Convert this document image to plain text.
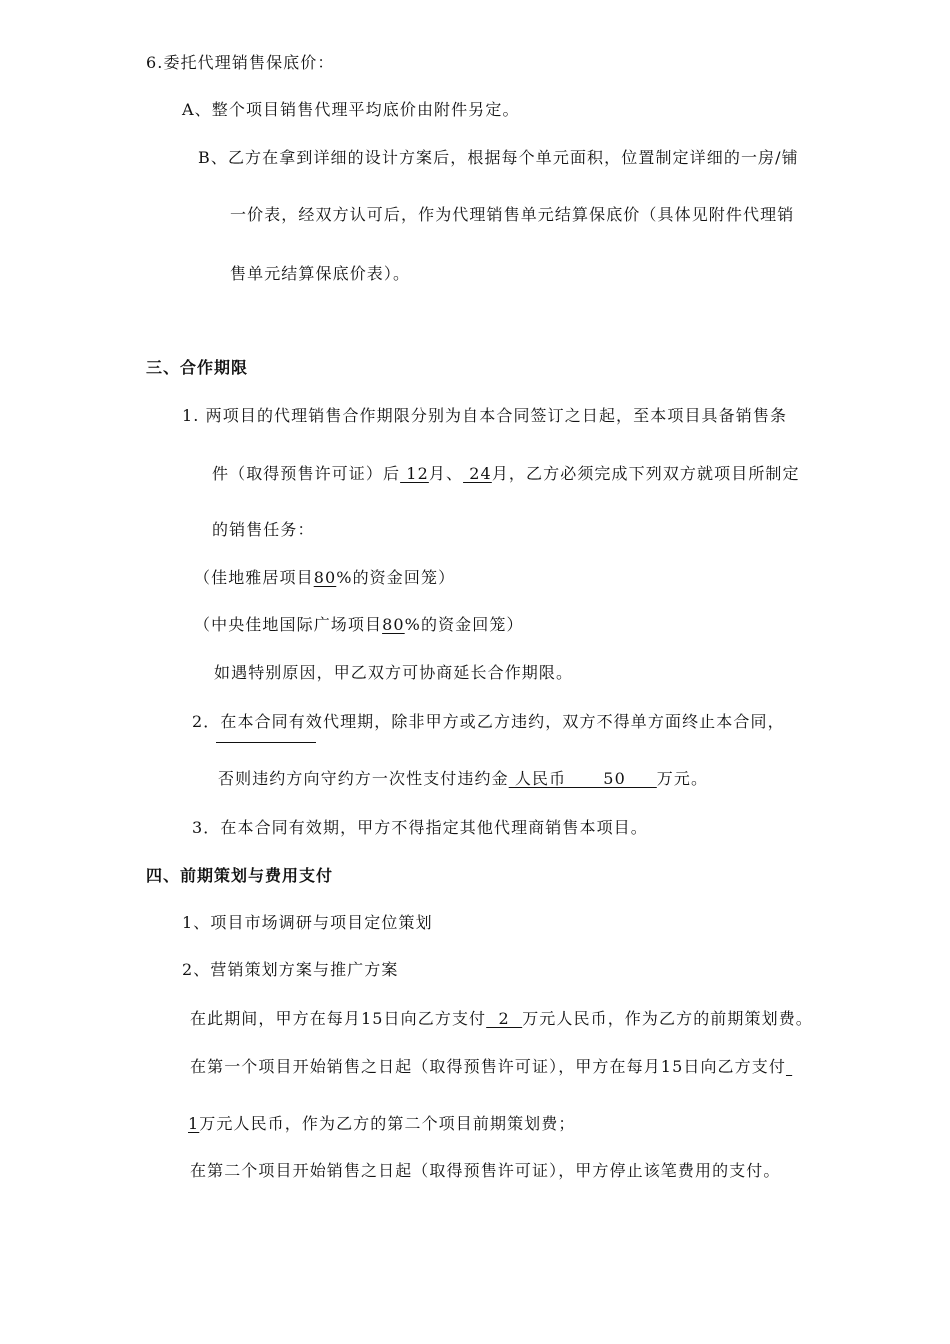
6.委托代理销售保底价：
A、整个项目销售代理平均底价由附件另定。
B、乙方在拿到详细的设计方案后，根据每个单元面积，位置制定详细的一房/铺
一价表，经双方认可后，作为代理销售单元结算保底价（具体见附件代理销
售单元结算保底价表）。
三、合作期限
1. 两项目的代理销售合作期限分别为自本合同签订之日起，至本项目具备销售条
件（取得预售许可证）后 12月、 24月，乙方必须完成下列双方就项目所制定
的销售任务：
（佳地雅居项目80%的资金回笼）
（中央佳地国际广场项目80%的资金回笼）
如遇特别原因，甲乙双方可协商延长合作期限。
2．在本合同有效代理期，除非甲方或乙方违约，双方不得单方面终止本合同，
否则违约方向守约方一次性支付违约金 人民币      50     万元。
3．在本合同有效期，甲方不得指定其他代理商销售本项目。
四、前期策划与费用支付
1、项目市场调研与项目定位策划
2、营销策划方案与推广方案
在此期间，甲方在每月15日向乙方支付  2  万元人民币，作为乙方的前期策划费。
在第一个项目开始销售之日起（取得预售许可证），甲方在每月15日向乙方支付
1万元人民币，作为乙方的第二个项目前期策划费；
在第二个项目开始销售之日起（取得预售许可证），甲方停止该笔费用的支付。
